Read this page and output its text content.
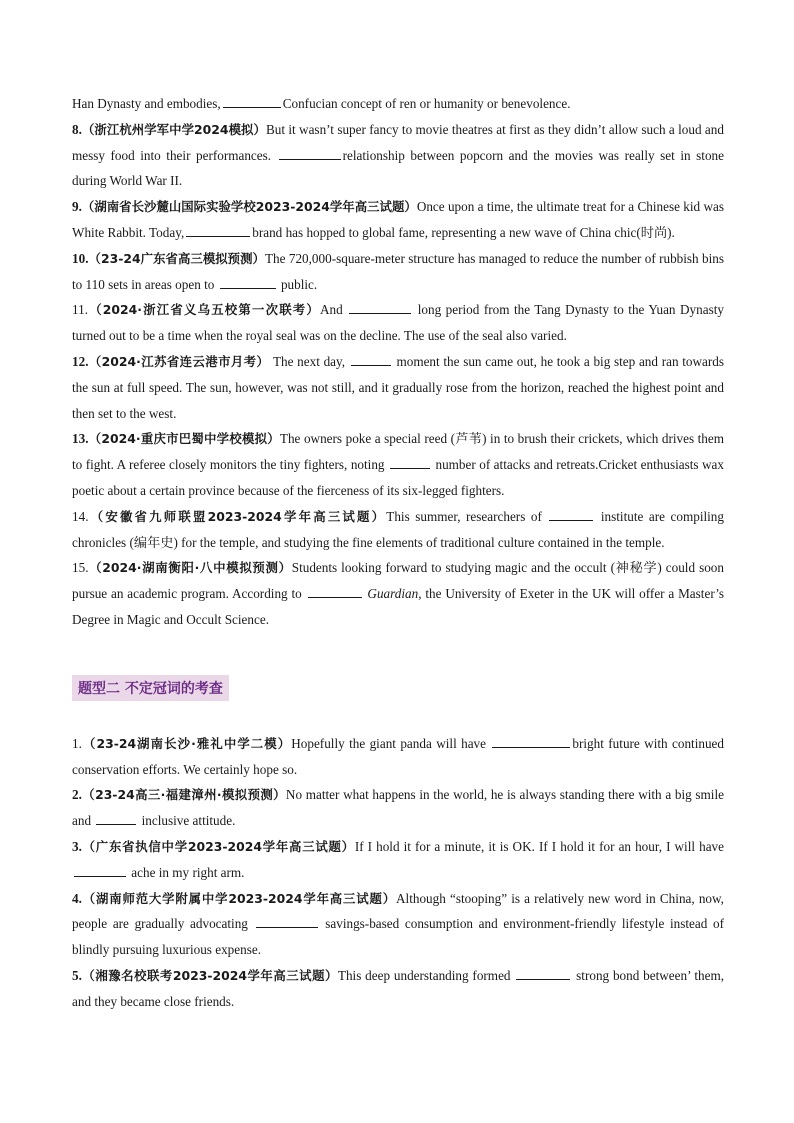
Han Dynasty and embodies,	Confucian concept of ren or humanity or benevolence.

8.（浙江杭州学军中学2024模拟）But it wasn’t super fancy to movie theatres at first as they didn’t allow such a loud and messy food into their performances.	relationship between popcorn and the movies was really set in stone during World War II.

9.（湖南省长沙麓山国际实验学校2023-2024学年高三试题）Once upon a time, the ultimate treat for a Chinese kid was White Rabbit. Today,	brand has hopped to global fame, representing a new wave of China chic(时尚).

10.（23-24广东省高三模拟预测）The 720,000-square-meter structure has managed to reduce the number of rubbish bins to 110 sets in areas open to	public.

11.（2024·浙江省义乌五校第一次联考）And	long period from the Tang Dynasty to the Yuan Dynasty turned out to be a time when the royal seal was on the decline. The use of the seal also varied.

12.（2024·江苏省连云港市月考） The next day,	moment the sun came out, he took a big step and ran towards the sun at full speed. The sun, however, was not still, and it gradually rose from the horizon, reached the highest point and then set to the west.

13.（2024·重庆市巴蜀中学校模拟）The owners poke a special reed (芦苇) in to brush their crickets, which drives them to fight. A referee closely monitors the tiny fighters, noting	number of attacks and retreats.Cricket enthusiasts wax poetic about a certain province because of the fierceness of its six-legged fighters.

14.（安徽省九师联盟2023-2024学年高三试题）This summer, researchers of	institute are compiling chronicles (编年史) for the temple, and studying the fine elements of traditional culture contained in the temple.

15.（2024·湖南衡阳·八中模拟预测）Students looking forward to studying magic and the occult (神秘学) could soon pursue an academic program. According to	Guardian, the University of Exeter in the UK will offer a Master’s Degree in Magic and Occult Science.

题型二 不定冠词的考查

1.（23-24湖南长沙·雅礼中学二模）Hopefully the giant panda will have	bright future with continued conservation efforts. We certainly hope so.

2.（23-24高三·福建漳州·模拟预测）No matter what happens in the world, he is always standing there with a big smile and	inclusive attitude.

3.（广东省执信中学2023-2024学年高三试题）If I hold it for a minute, it is OK. If I hold it for an hour, I will have ache in my right arm.

4.（湖南师范大学附属中学2023-2024学年高三试题）Although “stooping” is a relatively new word in China, now, people are gradually advocating	savings-based consumption and environment-friendly lifestyle instead of blindly pursuing luxurious expense.

5.（湘豫名校联考2023-2024学年高三试题）This deep understanding formed	strong bond between’ them, and they became close friends.
